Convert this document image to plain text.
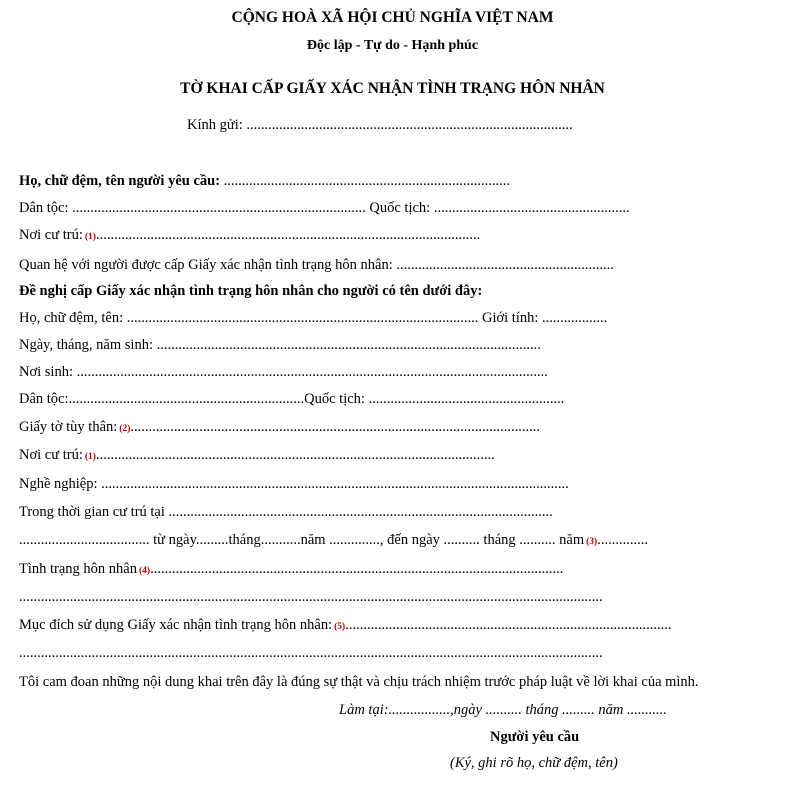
CỘNG HOÀ XÃ HỘI CHỦ NGHĨA VIỆT NAM
Độc lập - Tự do - Hạnh phúc
TỜ KHAI CẤP GIẤY XÁC NHẬN TÌNH TRẠNG HÔN NHÂN
Kính gửi: ..........................................................................................
Họ, chữ đệm, tên người yêu cầu: ...............................................................................
Dân tộc: ................................................................................. Quốc tịch: ......................................................
Nơi cư trú: (1)..........................................................................................................
Quan hệ với người được cấp Giấy xác nhận tình trạng hôn nhân: ............................................................
Đề nghị cấp Giấy xác nhận tình trạng hôn nhân cho người có tên dưới đây:
Họ, chữ đệm, tên: ................................................................................................. Giới tính: ..................
Ngày, tháng, năm sinh: ..........................................................................................................
Nơi sinh: ..................................................................................................................................
Dân tộc:.................................................................Quốc tịch: ......................................................
Giấy tờ tùy thân: (2).................................................................................................................
Nơi cư trú: (1)..............................................................................................................
Nghề nghiệp: .................................................................................................................................
Trong thời gian cư trú tại ..........................................................................................................
.................................... từ ngày.........tháng...........năm .............., đến ngày .......... tháng .......... năm (3)..............
Tình trạng hôn nhân (4)..................................................................................................................
.................................................................................................................................................................
Mục đích sử dụng Giấy xác nhận tình trạng hôn nhân: (5)..........................................................................................
.................................................................................................................................................................
Tôi cam đoan những nội dung khai trên đây là đúng sự thật và chịu trách nhiệm trước pháp luật về lời khai của mình.
Làm tại:.................,ngày .......... tháng ......... năm ...........
Người yêu cầu
(Ký, ghi rõ họ, chữ đệm, tên)
